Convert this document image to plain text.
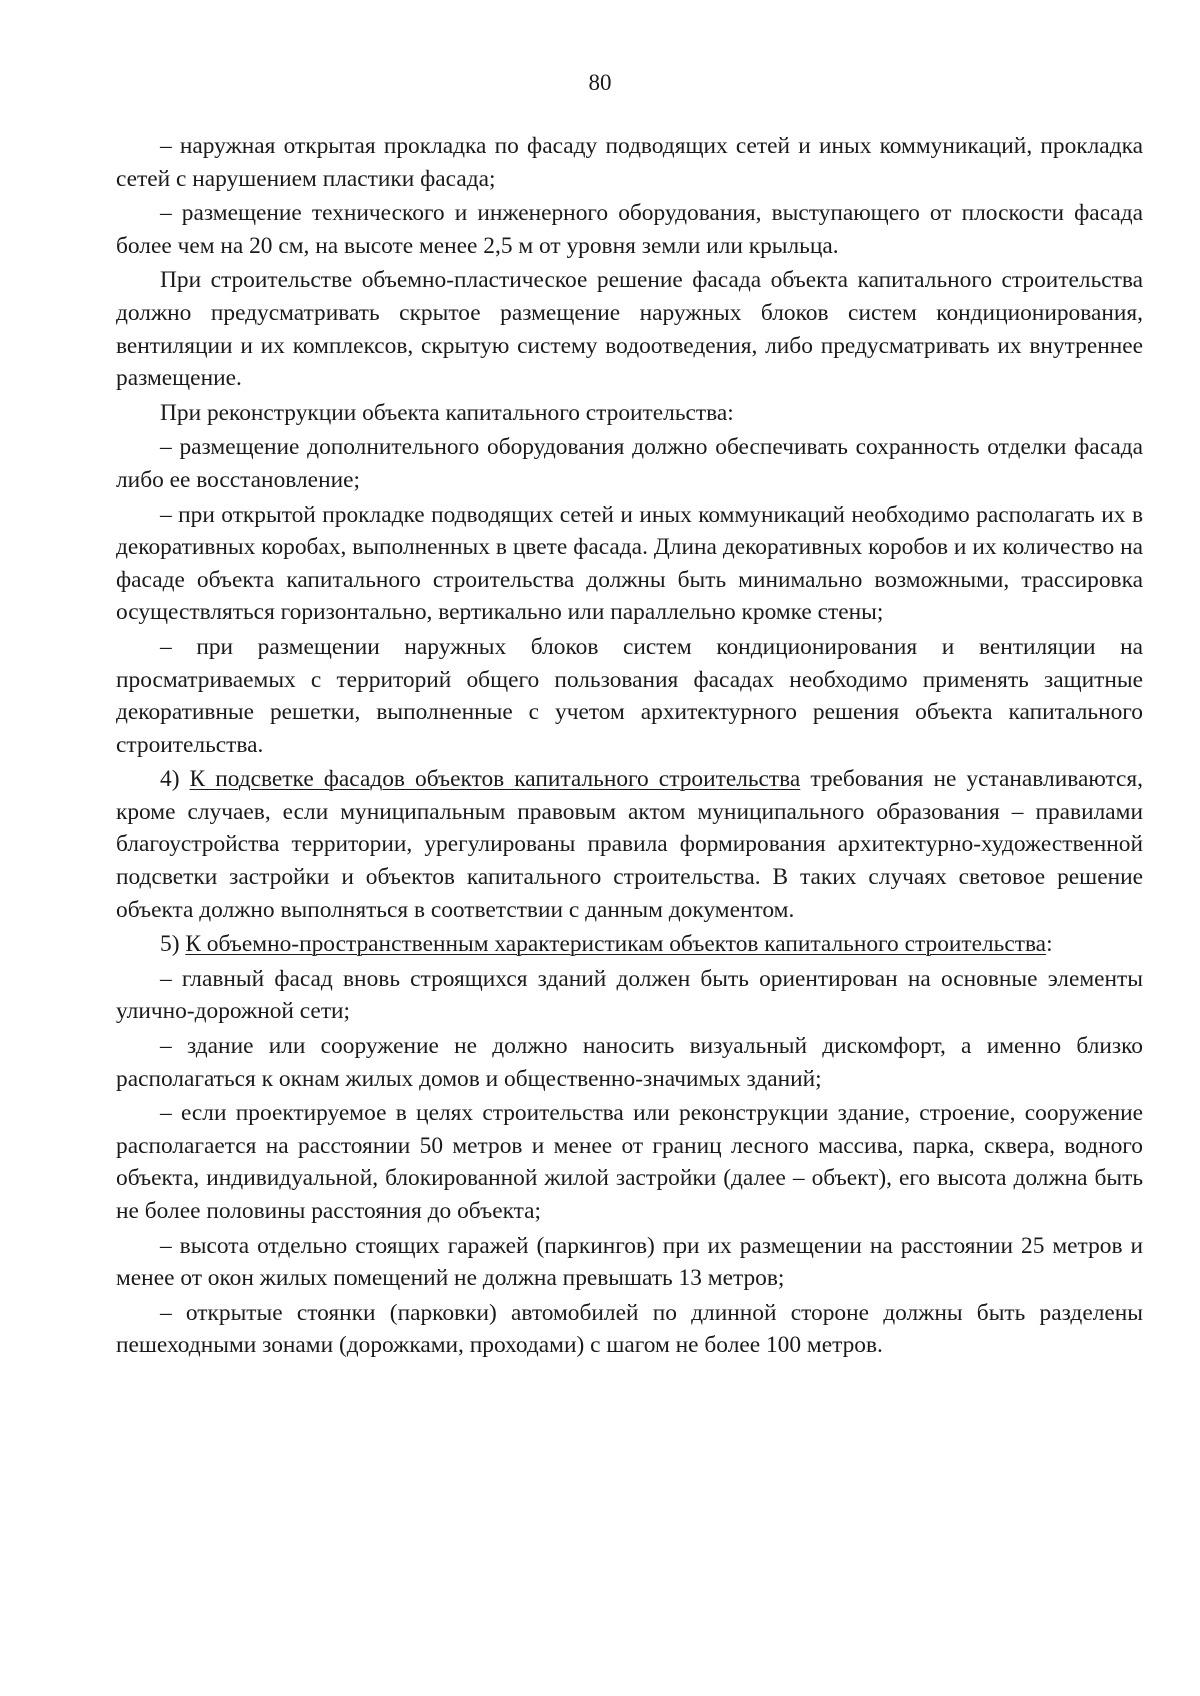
80

– наружная открытая прокладка по фасаду подводящих сетей и иных коммуникаций, прокладка сетей с нарушением пластики фасада;

– размещение технического и инженерного оборудования, выступающего от плоскости фасада более чем на 20 см, на высоте менее 2,5 м от уровня земли или крыльца.

При строительстве объемно-пластическое решение фасада объекта капитального строительства должно предусматривать скрытое размещение наружных блоков систем кондиционирования, вентиляции и их комплексов, скрытую систему водоотведения, либо предусматривать их внутреннее размещение.

При реконструкции объекта капитального строительства:

– размещение дополнительного оборудования должно обеспечивать сохранность отделки фасада либо ее восстановление;

– при открытой прокладке подводящих сетей и иных коммуникаций необходимо располагать их в декоративных коробах, выполненных в цвете фасада. Длина декоративных коробов и их количество на фасаде объекта капитального строительства должны быть минимально возможными, трассировка осуществляться горизонтально, вертикально или параллельно кромке стены;

– при размещении наружных блоков систем кондиционирования и вентиляции на просматриваемых с территорий общего пользования фасадах необходимо применять защитные декоративные решетки, выполненные с учетом архитектурного решения объекта капитального строительства.

4) К подсветке фасадов объектов капитального строительства требования не устанавливаются, кроме случаев, если муниципальным правовым актом муниципального образования – правилами благоустройства территории, урегулированы правила формирования архитектурно-художественной подсветки застройки и объектов капитального строительства. В таких случаях световое решение объекта должно выполняться в соответствии с данным документом.

5) К объемно-пространственным характеристикам объектов капитального строительства:

– главный фасад вновь строящихся зданий должен быть ориентирован на основные элементы улично-дорожной сети;

– здание или сооружение не должно наносить визуальный дискомфорт, а именно близко располагаться к окнам жилых домов и общественно-значимых зданий;

– если проектируемое в целях строительства или реконструкции здание, строение, сооружение располагается на расстоянии 50 метров и менее от границ лесного массива, парка, сквера, водного объекта, индивидуальной, блокированной жилой застройки (далее – объект), его высота должна быть не более половины расстояния до объекта;

– высота отдельно стоящих гаражей (паркингов) при их размещении на расстоянии 25 метров и менее от окон жилых помещений не должна превышать 13 метров;

– открытые стоянки (парковки) автомобилей по длинной стороне должны быть разделены пешеходными зонами (дорожками, проходами) с шагом не более 100 метров.
